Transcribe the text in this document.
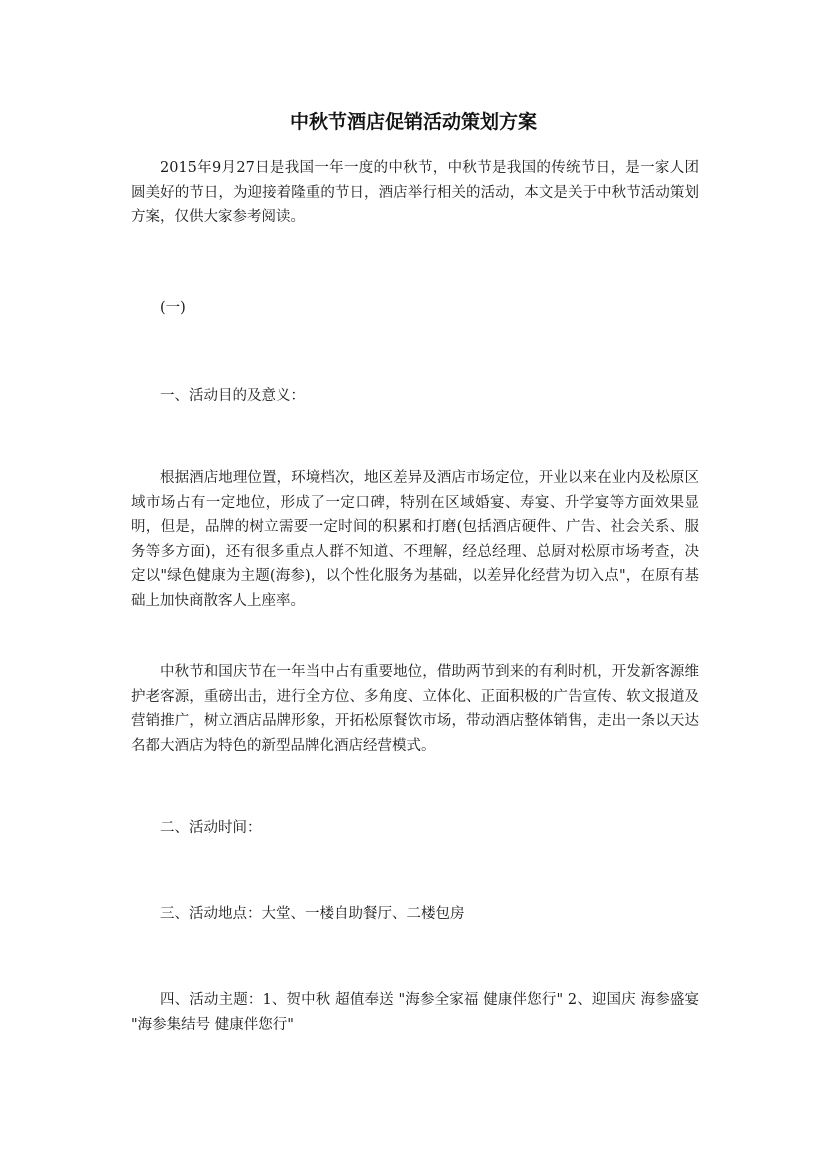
中秋节酒店促销活动策划方案

2015年9月27日是我国一年一度的中秋节，中秋节是我国的传统节日，是一家人团圆美好的节日，为迎接着隆重的节日，酒店举行相关的活动，本文是关于中秋节活动策划方案，仅供大家参考阅读。

(一)

一、活动目的及意义：

根据酒店地理位置，环境档次，地区差异及酒店市场定位，开业以来在业内及松原区域市场占有一定地位，形成了一定口碑，特别在区域婚宴、寿宴、升学宴等方面效果显明，但是，品牌的树立需要一定时间的积累和打磨(包括酒店硬件、广告、社会关系、服务等多方面)，还有很多重点人群不知道、不理解，经总经理、总厨对松原市场考查，决定以"绿色健康为主题(海参)，以个性化服务为基础，以差异化经营为切入点"，在原有基础上加快商散客人上座率。

中秋节和国庆节在一年当中占有重要地位，借助两节到来的有利时机，开发新客源维护老客源，重磅出击，进行全方位、多角度、立体化、正面积极的广告宣传、软文报道及营销推广，树立酒店品牌形象，开拓松原餐饮市场，带动酒店整体销售，走出一条以天达名都大酒店为特色的新型品牌化酒店经营模式。

二、活动时间：

三、活动地点：大堂、一楼自助餐厅、二楼包房

四、活动主题：1、贺中秋 超值奉送 "海参全家福 健康伴您行" 2、迎国庆 海参盛宴 "海参集结号 健康伴您行"
